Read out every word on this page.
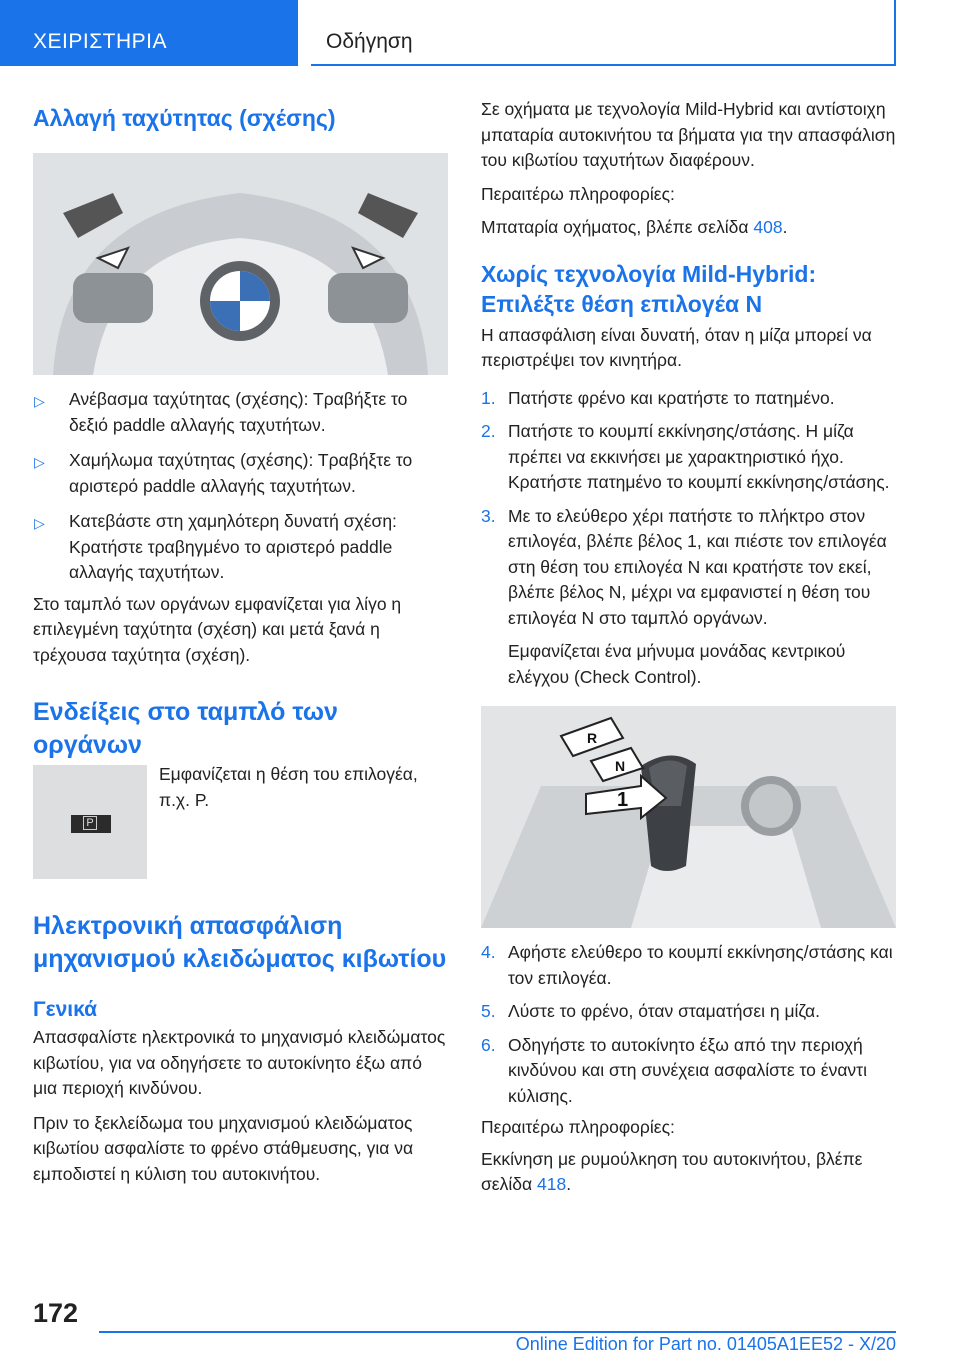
ΧΕΙΡΙΣΤΗΡΙΑ	Οδήγηση
Αλλαγή ταχύτητας (σχέσης)
▷ Ανέβασμα ταχύτητας (σχέσης): Τραβήξτε το δεξιό paddle αλλαγής ταχυτήτων.
▷ Χαμήλωμα ταχύτητας (σχέσης): Τραβήξτε το αριστερό paddle αλλαγής ταχυτήτων.
▷ Κατεβάστε στη χαμηλότερη δυνατή σχέση: Κρατήστε τραβηγμένο το αριστερό paddle αλλαγής ταχυτήτων.

Στο ταμπλό των οργάνων εμφανίζεται για λίγο η επιλεγμένη ταχύτητα (σχέση) και μετά ξανά η τρέχουσα ταχύτητα (σχέση).

Ενδείξεις στο ταμπλό των οργάνων
P

Εμφανίζεται η θέση του επιλογέα, π.χ. P.

Ηλεκτρονική απασφάλιση μηχανισμού κλειδώματος κιβωτίου
Γενικά

Απασφαλίστε ηλεκτρονικά το μηχανισμό κλειδώματος κιβωτίου, για να οδηγήσετε το αυτοκίνητο έξω από μια περιοχή κινδύνου.

Πριν το ξεκλείδωμα του μηχανισμού κλειδώματος κιβωτίου ασφαλίστε το φρένο στάθμευσης, για να εμποδιστεί η κύλιση του αυτοκινήτου.

Σε οχήματα με τεχνολογία Mild-Hybrid και αντίστοιχη μπαταρία αυτοκινήτου τα βήματα για την απασφάλιση του κιβωτίου ταχυτήτων διαφέρουν.

Περαιτέρω πληροφορίες:

Μπαταρία οχήματος, βλέπε σελίδα 408.

Χωρίς τεχνολογία Mild-Hybrid: Επιλέξτε θέση επιλογέα N

Η απασφάλιση είναι δυνατή, όταν η μίζα μπορεί να περιστρέψει τον κινητήρα.

1. Πατήστε φρένο και κρατήστε το πατημένο.
2. Πατήστε το κουμπί εκκίνησης/στάσης. Η μίζα πρέπει να εκκινήσει με χαρακτηριστικό ήχο. Κρατήστε πατημένο το κουμπί εκκίνησης/στάσης.
3. Με το ελεύθερο χέρι πατήστε το πλήκτρο στον επιλογέα, βλέπε βέλος 1, και πιέστε τον επιλογέα στη θέση του επιλογέα N και κρατήστε τον εκεί, βλέπε βέλος N, μέχρι να εμφανιστεί η θέση του επιλογέα N στο ταμπλό οργάνων.

Εμφανίζεται ένα μήνυμα μονάδας κεντρικού ελέγχου (Check Control).

R
N
1
4. Αφήστε ελεύθερο το κουμπί εκκίνησης/στάσης και τον επιλογέα.
5. Λύστε το φρένο, όταν σταματήσει η μίζα.
6. Οδηγήστε το αυτοκίνητο έξω από την περιοχή κινδύνου και στη συνέχεια ασφαλίστε το έναντι κύλισης.

Περαιτέρω πληροφορίες:

Εκκίνηση με ρυμούλκηση του αυτοκινήτου, βλέπε σελίδα 418.

172
Online Edition for Part no. 01405A1EE52 - X/20
